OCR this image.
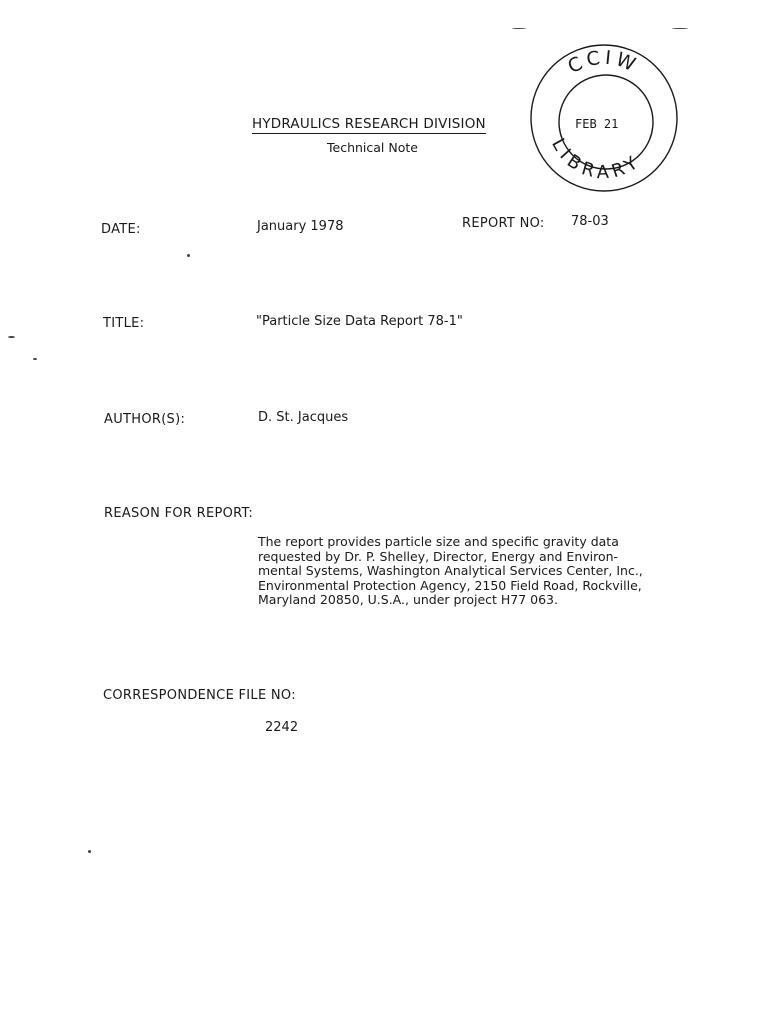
HYDRAULICS RESEARCH DIVISION
Technical Note
CCIW
LIBRARY
FEB 21
DATE:	January 1978	REPORT NO: 78-03
TITLE:	"Particle Size Data Report 78-1"
AUTHOR(S):	D. St. Jacques
REASON FOR REPORT:
The report provides particle size and specific gravity data
requested by Dr. P. Shelley, Director, Energy and Environ-
mental Systems, Washington Analytical Services Center, Inc.,
Environmental Protection Agency, 2150 Field Road, Rockville,
Maryland 20850, U.S.A., under project H77 063.
CORRESPONDENCE FILE NO:
2242
